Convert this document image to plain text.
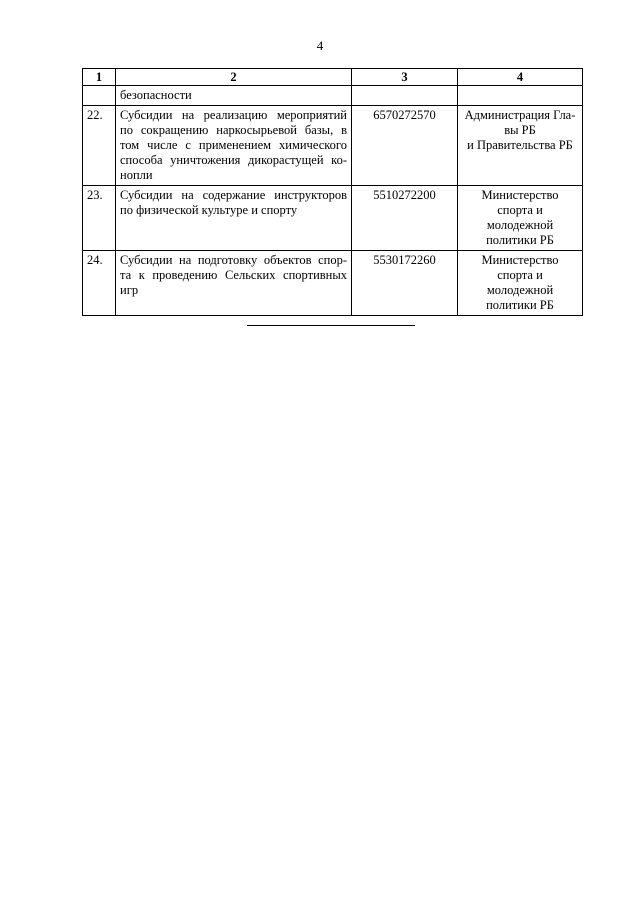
4
1	2	3	4

	безопасности		

22.	Субсидии на реализацию мероприятий
по сокращению наркосырьевой базы, в
том числе с применением химического
способа уничтожения дикорастущей ко-
нопли	6570272570	Администрация Гла-
вы РБ
и Правительства РБ

23.	Субсидии на содержание инструкторов
по физической культуре и спорту	5510272200	Министерство
спорта и
молодежной
политики РБ

24.	Субсидии на подготовку объектов спор-
та к проведению Сельских спортивных
игр	5530172260	Министерство
спорта и
молодежной
политики РБ
